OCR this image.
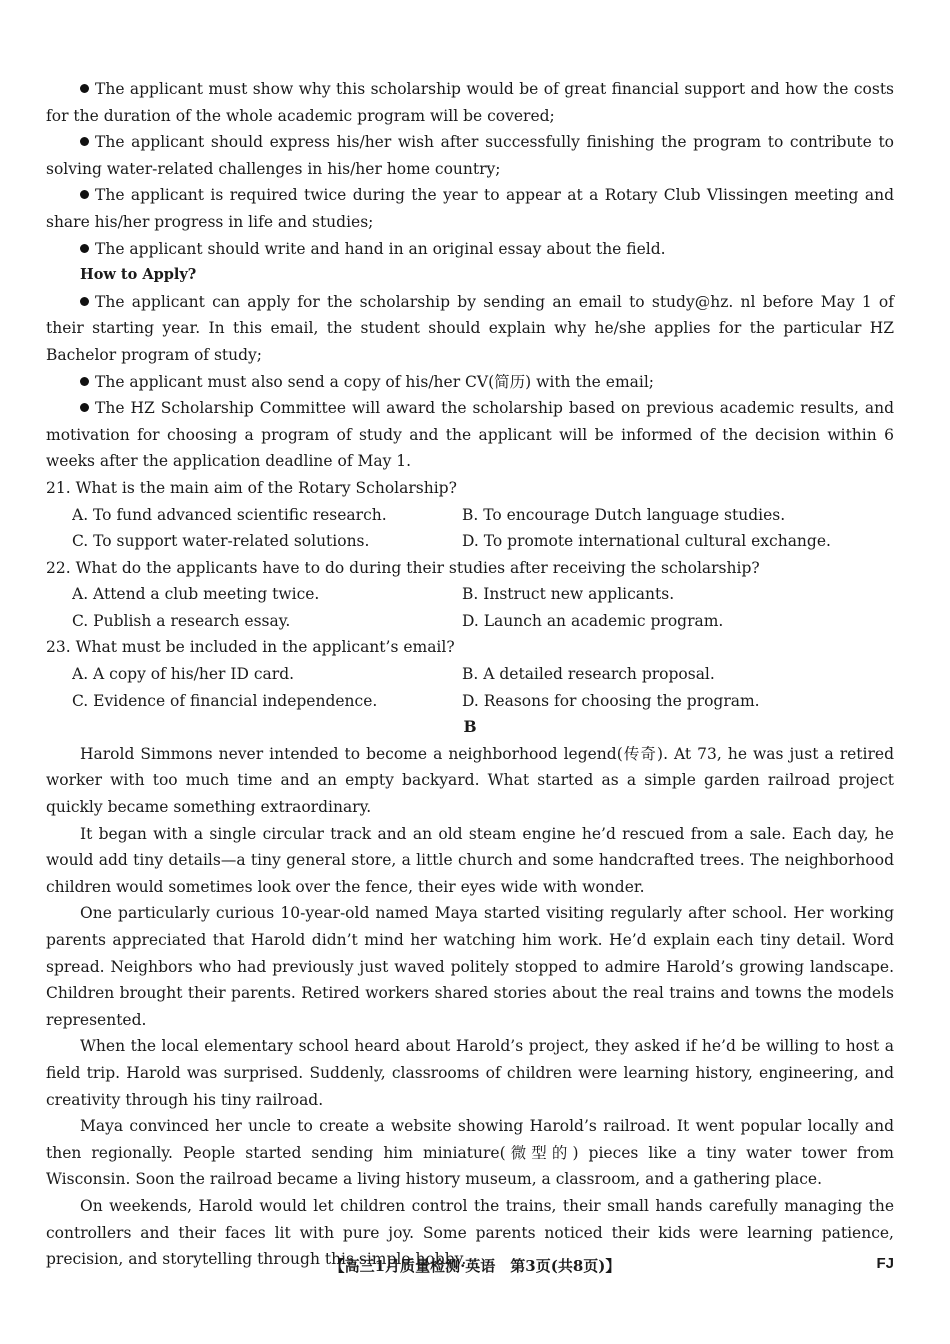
The applicant must show why this scholarship would be of great financial support and how the costs for the duration of the whole academic program will be covered;

The applicant should express his/her wish after successfully finishing the program to contribute to solving water-related challenges in his/her home country;

The applicant is required twice during the year to appear at a Rotary Club Vlissingen meeting and share his/her progress in life and studies;

The applicant should write and hand in an original essay about the field.

How to Apply?

The applicant can apply for the scholarship by sending an email to study@hz. nl before May 1 of their starting year. In this email, the student should explain why he/she applies for the particular HZ Bachelor program of study;

The applicant must also send a copy of his/her CV(简历) with the email;

The HZ Scholarship Committee will award the scholarship based on previous academic results, and motivation for choosing a program of study and the applicant will be informed of the decision within 6 weeks after the application deadline of May 1.

21. What is the main aim of the Rotary Scholarship?

A. To fund advanced scientific research.	B. To encourage Dutch language studies.
C. To support water-related solutions.	D. To promote international cultural exchange.

22. What do the applicants have to do during their studies after receiving the scholarship?

A. Attend a club meeting twice.	B. Instruct new applicants.
C. Publish a research essay.	D. Launch an academic program.

23. What must be included in the applicant’s email?

A. A copy of his/her ID card.	B. A detailed research proposal.
C. Evidence of financial independence.	D. Reasons for choosing the program.

B

Harold Simmons never intended to become a neighborhood legend(传奇). At 73, he was just a retired worker with too much time and an empty backyard. What started as a simple garden railroad project quickly became something extraordinary.

It began with a single circular track and an old steam engine he’d rescued from a sale. Each day, he would add tiny details—a tiny general store, a little church and some handcrafted trees. The neighborhood children would sometimes look over the fence, their eyes wide with wonder.

One particularly curious 10-year-old named Maya started visiting regularly after school. Her working parents appreciated that Harold didn’t mind her watching him work. He’d explain each tiny detail. Word spread. Neighbors who had previously just waved politely stopped to admire Harold’s growing landscape. Children brought their parents. Retired workers shared stories about the real trains and towns the models represented.

When the local elementary school heard about Harold’s project, they asked if he’d be willing to host a field trip. Harold was surprised. Suddenly, classrooms of children were learning history, engineering, and creativity through his tiny railroad.

Maya convinced her uncle to create a website showing Harold’s railroad. It went popular locally and then regionally. People started sending him miniature(微型的) pieces like a tiny water tower from Wisconsin. Soon the railroad became a living history museum, a classroom, and a gathering place.

On weekends, Harold would let children control the trains, their small hands carefully managing the controllers and their faces lit with pure joy. Some parents noticed their kids were learning patience, precision, and storytelling through this simple hobby.

【高三1月质量检测·英语　第3页(共8页)】	FJ
